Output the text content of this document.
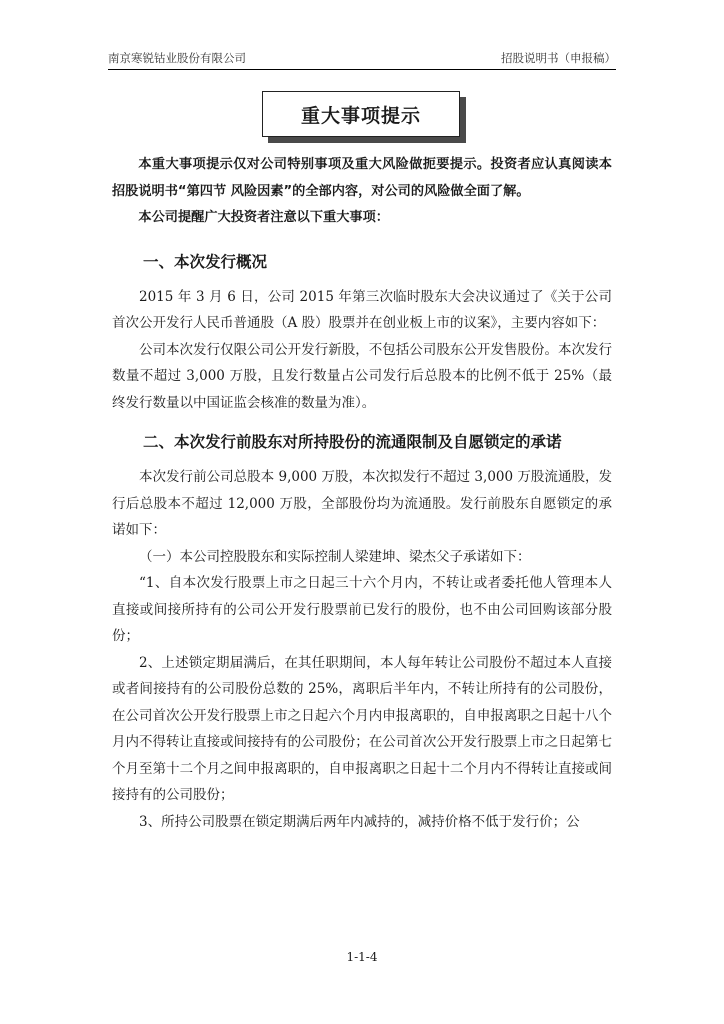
南京寒锐钴业股份有限公司	招股说明书（申报稿）
重大事项提示

本重大事项提示仅对公司特别事项及重大风险做扼要提示。投资者应认真阅读本招股说明书“第四节 风险因素”的全部内容，对公司的风险做全面了解。

本公司提醒广大投资者注意以下重大事项：

一、本次发行概况

2015 年 3 月 6 日，公司 2015 年第三次临时股东大会决议通过了《关于公司首次公开发行人民币普通股（A 股）股票并在创业板上市的议案》，主要内容如下：

公司本次发行仅限公司公开发行新股，不包括公司股东公开发售股份。本次发行数量不超过 3,000 万股，且发行数量占公司发行后总股本的比例不低于 25%（最终发行数量以中国证监会核准的数量为准）。

二、本次发行前股东对所持股份的流通限制及自愿锁定的承诺

本次发行前公司总股本 9,000 万股，本次拟发行不超过 3,000 万股流通股，发行后总股本不超过 12,000 万股，全部股份均为流通股。发行前股东自愿锁定的承诺如下：

（一）本公司控股股东和实际控制人梁建坤、梁杰父子承诺如下：

“1、自本次发行股票上市之日起三十六个月内，不转让或者委托他人管理本人直接或间接所持有的公司公开发行股票前已发行的股份，也不由公司回购该部分股份；

2、上述锁定期届满后，在其任职期间，本人每年转让公司股份不超过本人直接或者间接持有的公司股份总数的 25%，离职后半年内，不转让所持有的公司股份，在公司首次公开发行股票上市之日起六个月内申报离职的，自申报离职之日起十八个月内不得转让直接或间接持有的公司股份；在公司首次公开发行股票上市之日起第七个月至第十二个月之间申报离职的，自申报离职之日起十二个月内不得转让直接或间接持有的公司股份；

3、所持公司股票在锁定期满后两年内减持的，减持价格不低于发行价；公

1-1-4
